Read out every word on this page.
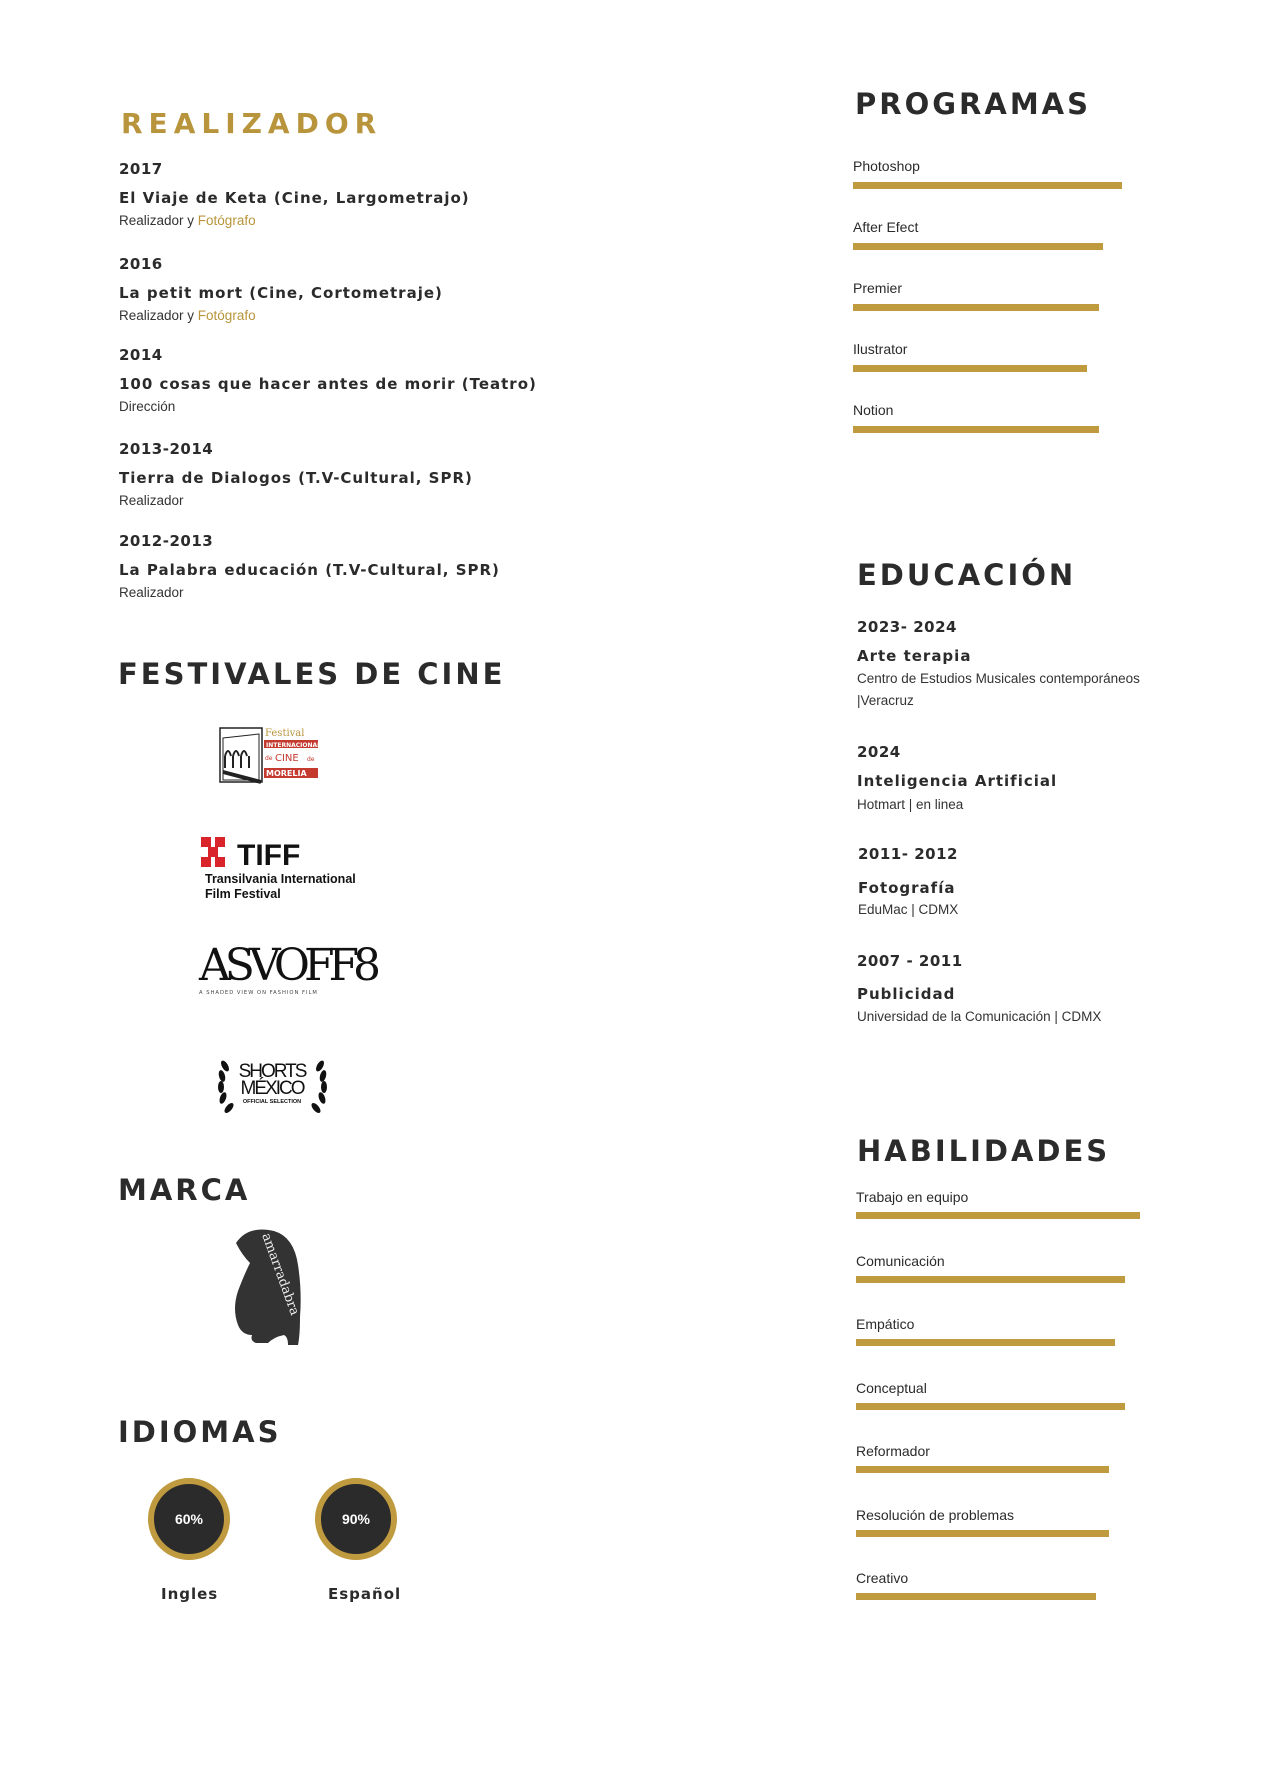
REALIZADOR
2017
El Viaje de Keta (Cine, Largometrajo)
Realizador y Fotógrafo
2016
La petit mort (Cine, Cortometraje)
Realizador y Fotógrafo
2014
100 cosas que hacer antes de morir (Teatro)
Dirección
2013-2014
Tierra de Dialogos (T.V-Cultural, SPR)
Realizador
2012-2013
La Palabra educación (T.V-Cultural, SPR)
Realizador
FESTIVALES DE CINE
Festival
INTERNACIONAL
de CINE de
MORELIA
TIFF
Transilvania International
Film Festival
ASVOFF8
A SHADED VIEW ON FASHION FILM
SHORTS
MÉXICO
OFFICIAL SELECTION
MARCA
amarradabra
IDIOMAS
60%
Ingles
90%
Español
PROGRAMAS
Photoshop
After Efect
Premier
Ilustrator
Notion
EDUCACIÓN
2023- 2024
Arte terapia
Centro de Estudios Musicales contemporáneos
|Veracruz
2024
Inteligencia Artificial
Hotmart | en linea
2011- 2012
Fotografía
EduMac | CDMX
2007 - 2011
Publicidad
Universidad de la Comunicación | CDMX
HABILIDADES
Trabajo en equipo
Comunicación
Empático
Conceptual
Reformador
Resolución de problemas
Creativo
